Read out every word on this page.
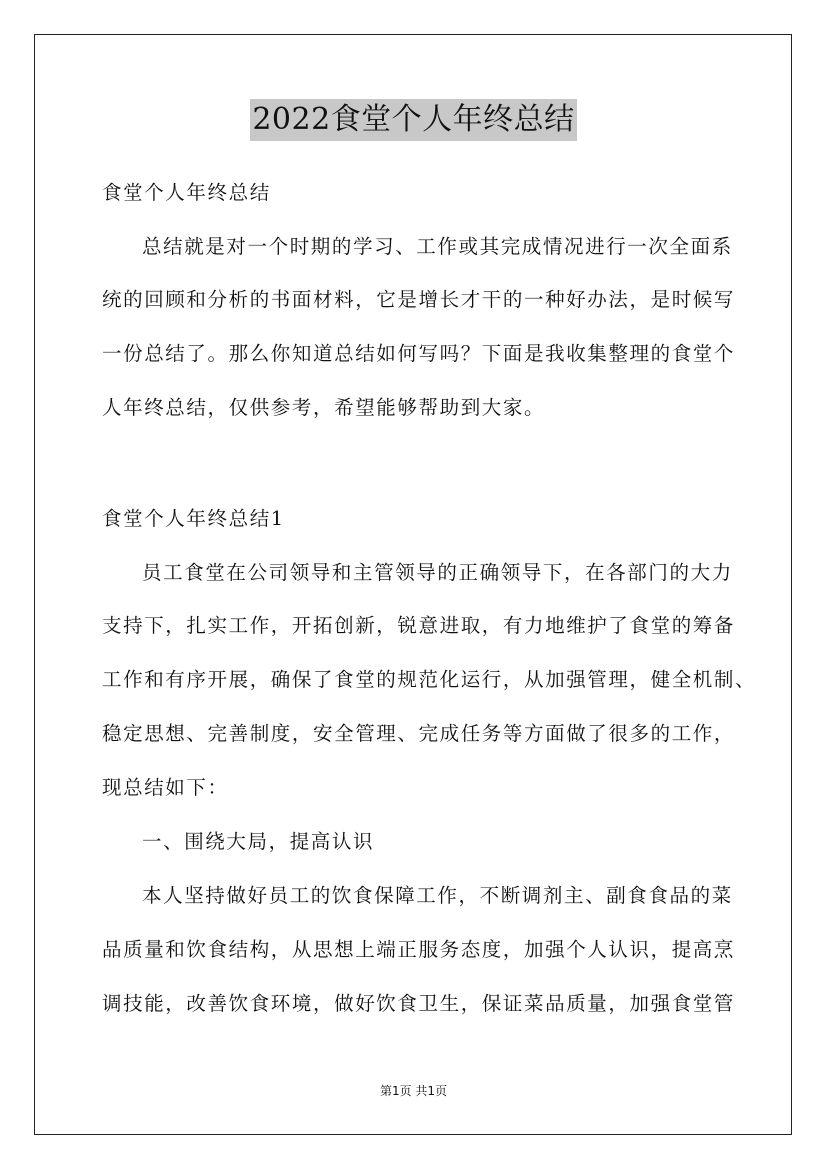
2022食堂个人年终总结
食堂个人年终总结
总结就是对一个时期的学习、工作或其完成情况进行一次全面系
统的回顾和分析的书面材料，它是增长才干的一种好办法，是时候写
一份总结了。那么你知道总结如何写吗？下面是我收集整理的食堂个
人年终总结，仅供参考，希望能够帮助到大家。
食堂个人年终总结1
员工食堂在公司领导和主管领导的正确领导下，在各部门的大力
支持下，扎实工作，开拓创新，锐意进取，有力地维护了食堂的筹备
工作和有序开展，确保了食堂的规范化运行，从加强管理，健全机制、
稳定思想、完善制度，安全管理、完成任务等方面做了很多的工作，
现总结如下：
一、围绕大局，提高认识
本人坚持做好员工的饮食保障工作，不断调剂主、副食食品的菜
品质量和饮食结构，从思想上端正服务态度，加强个人认识，提高烹
调技能，改善饮食环境，做好饮食卫生，保证菜品质量，加强食堂管
第1页 共1页
